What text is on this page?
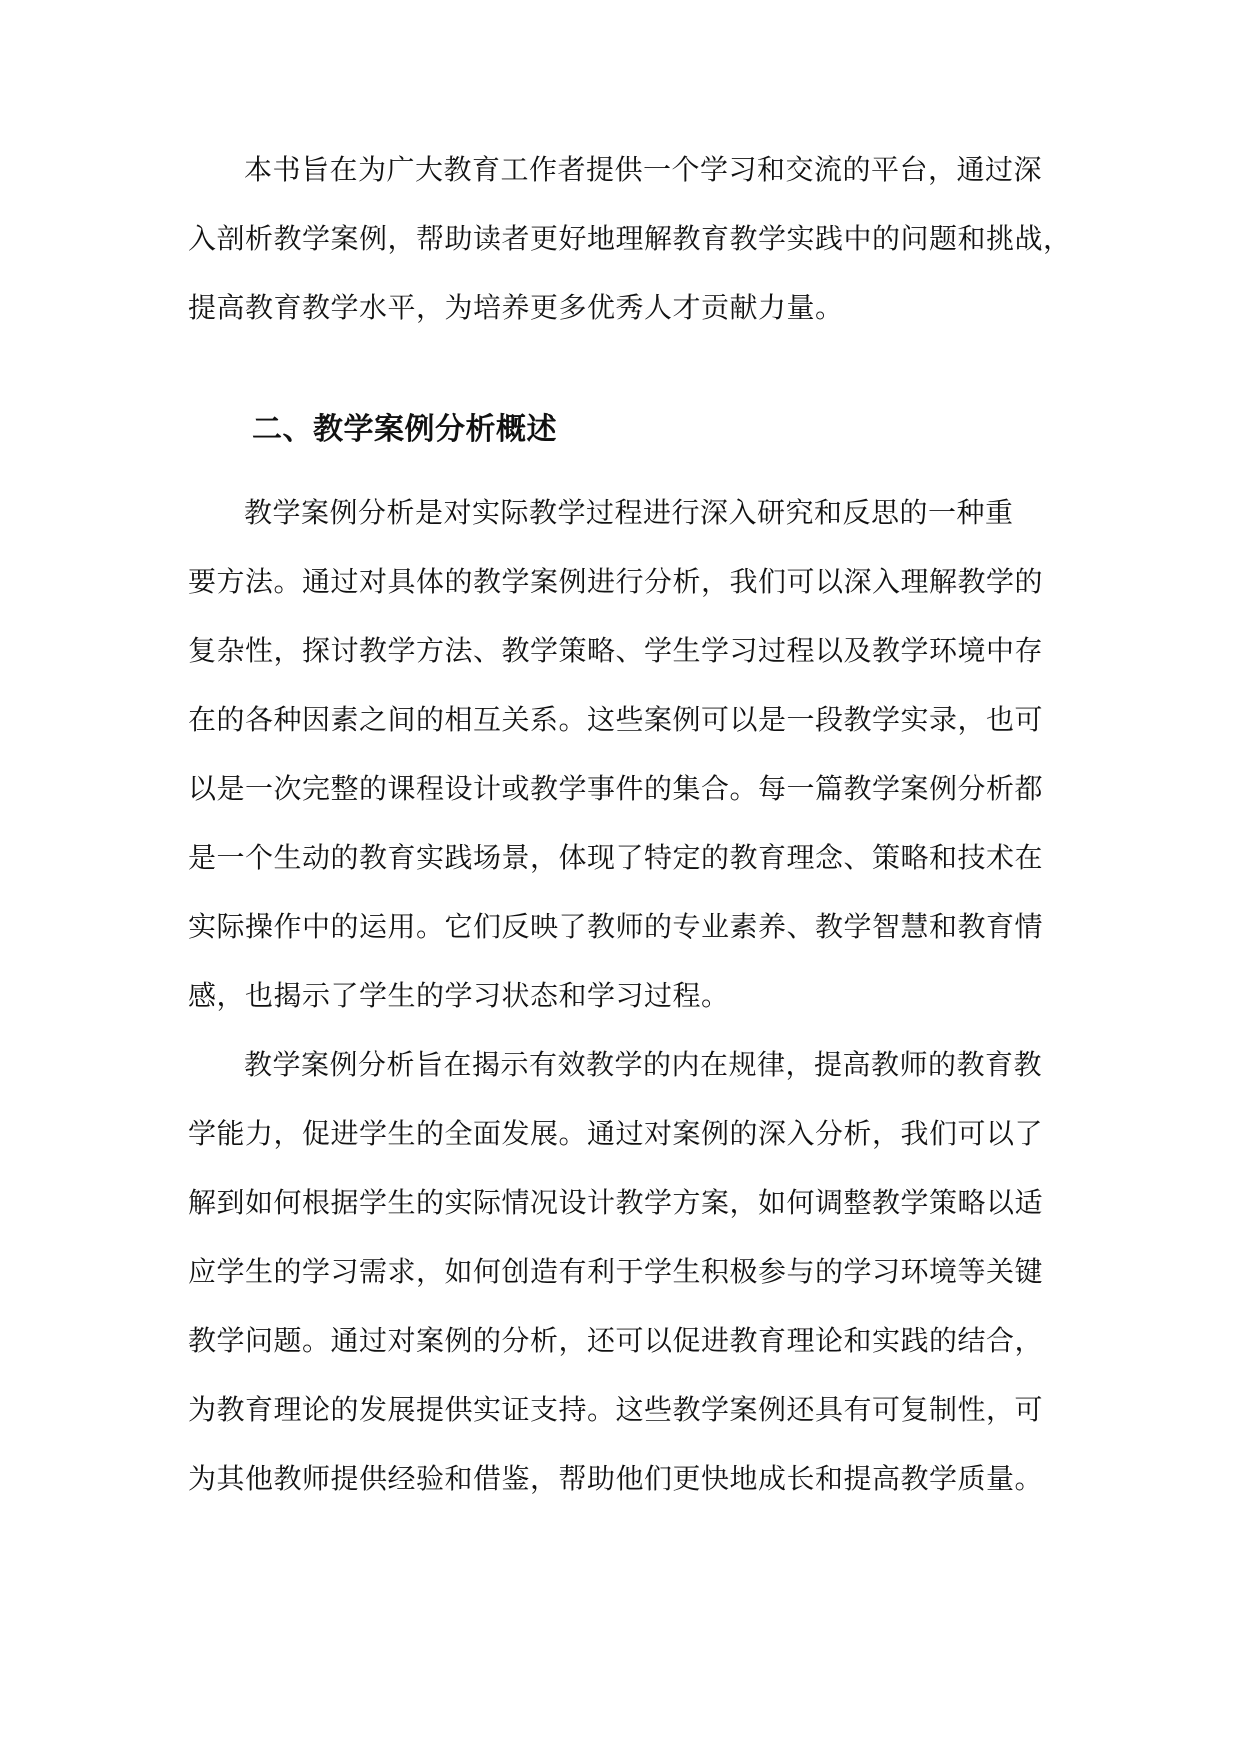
本书旨在为广大教育工作者提供一个学习和交流的平台，通过深
入剖析教学案例，帮助读者更好地理解教育教学实践中的问题和挑战，
提高教育教学水平，为培养更多优秀人才贡献力量。
二、教学案例分析概述
教学案例分析是对实际教学过程进行深入研究和反思的一种重
要方法。通过对具体的教学案例进行分析，我们可以深入理解教学的
复杂性，探讨教学方法、教学策略、学生学习过程以及教学环境中存
在的各种因素之间的相互关系。这些案例可以是一段教学实录，也可
以是一次完整的课程设计或教学事件的集合。每一篇教学案例分析都
是一个生动的教育实践场景，体现了特定的教育理念、策略和技术在
实际操作中的运用。它们反映了教师的专业素养、教学智慧和教育情
感，也揭示了学生的学习状态和学习过程。
教学案例分析旨在揭示有效教学的内在规律，提高教师的教育教
学能力，促进学生的全面发展。通过对案例的深入分析，我们可以了
解到如何根据学生的实际情况设计教学方案，如何调整教学策略以适
应学生的学习需求，如何创造有利于学生积极参与的学习环境等关键
教学问题。通过对案例的分析，还可以促进教育理论和实践的结合，
为教育理论的发展提供实证支持。这些教学案例还具有可复制性，可
为其他教师提供经验和借鉴，帮助他们更快地成长和提高教学质量。
